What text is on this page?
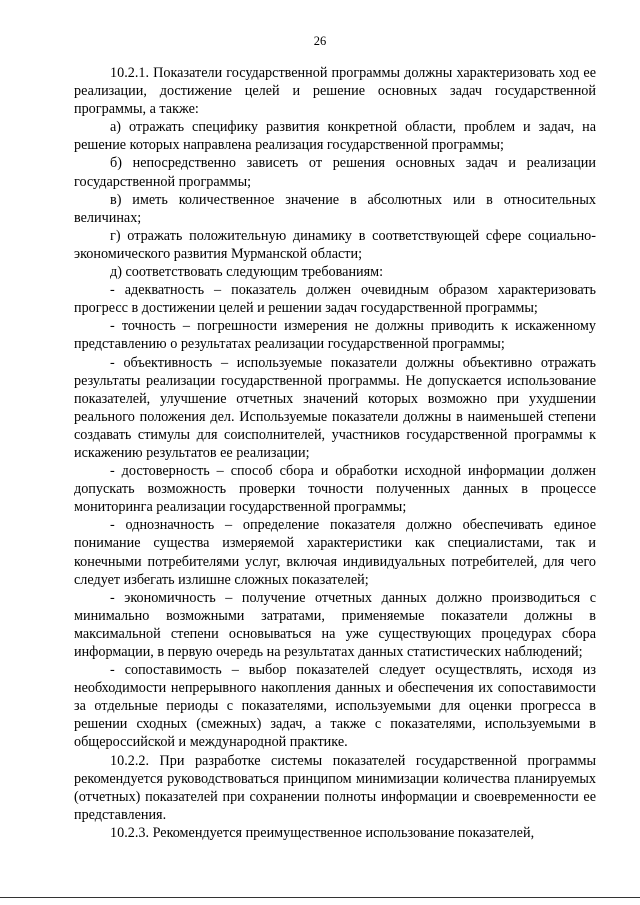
26

10.2.1. Показатели государственной программы должны характеризовать ход ее реализации, достижение целей и решение основных задач государственной программы, а также:

а) отражать специфику развития конкретной области, проблем и задач, на решение которых направлена реализация государственной программы;

б) непосредственно зависеть от решения основных задач и реализации государственной программы;

в) иметь количественное значение в абсолютных или в относительных величинах;

г) отражать положительную динамику в соответствующей сфере социально-экономического развития Мурманской области;

д) соответствовать следующим требованиям:

- адекватность – показатель должен очевидным образом характеризовать прогресс в достижении целей и решении задач государственной программы;

- точность – погрешности измерения не должны приводить к искаженному представлению о результатах реализации государственной программы;

- объективность – используемые показатели должны объективно отражать результаты реализации государственной программы. Не допускается использование показателей, улучшение отчетных значений которых возможно при ухудшении реального положения дел. Используемые показатели должны в наименьшей степени создавать стимулы для соисполнителей, участников государственной программы к искажению результатов ее реализации;

- достоверность – способ сбора и обработки исходной информации должен допускать возможность проверки точности полученных данных в процессе мониторинга реализации государственной программы;

- однозначность – определение показателя должно обеспечивать единое понимание существа измеряемой характеристики как специалистами, так и конечными потребителями услуг, включая индивидуальных потребителей, для чего следует избегать излишне сложных показателей;

- экономичность – получение отчетных данных должно производиться с минимально возможными затратами, применяемые показатели должны в максимальной степени основываться на уже существующих процедурах сбора информации, в первую очередь на результатах данных статистических наблюдений;

- сопоставимость – выбор показателей следует осуществлять, исходя из необходимости непрерывного накопления данных и обеспечения их сопоставимости за отдельные периоды с показателями, используемыми для оценки прогресса в решении сходных (смежных) задач, а также с показателями, используемыми в общероссийской и международной практике.

10.2.2. При разработке системы показателей государственной программы рекомендуется руководствоваться принципом минимизации количества планируемых (отчетных) показателей при сохранении полноты информации и своевременности ее представления.

10.2.3. Рекомендуется преимущественное использование показателей,
